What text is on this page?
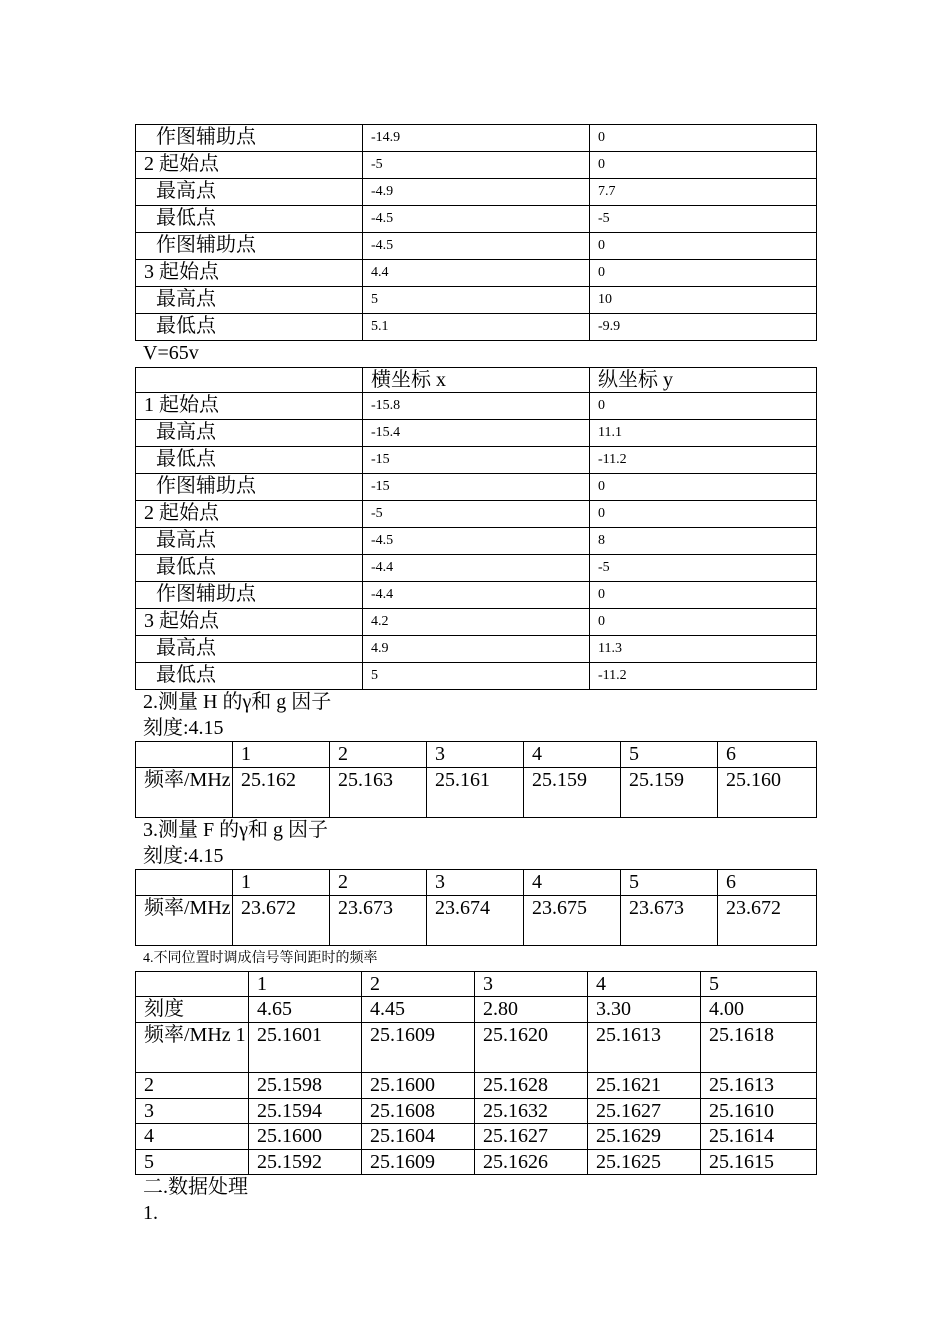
作图辅助点	-14.9	0
2 起始点	-5	0
最高点	-4.9	7.7
最低点	-4.5	-5
作图辅助点	-4.5	0
3 起始点	4.4	0
最高点	5	10
最低点	5.1	-9.9
V=65v
	横坐标 x	纵坐标 y
1 起始点	-15.8	0
最高点	-15.4	11.1
最低点	-15	-11.2
作图辅助点	-15	0
2 起始点	-5	0
最高点	-4.5	8
最低点	-4.4	-5
作图辅助点	-4.4	0
3 起始点	4.2	0
最高点	4.9	11.3
最低点	5	-11.2
2.测量 H 的γ和 g 因子
刻度:4.15
	1	2	3	4	5	6
频率/MHz	25.162	25.163	25.161	25.159	25.159	25.160
3.测量 F 的γ和 g 因子
刻度:4.15
	1	2	3	4	5	6
频率/MHz	23.672	23.673	23.674	23.675	23.673	23.672
4.不同位置时调成信号等间距时的频率
	1	2	3	4	5
刻度	4.65	4.45	2.80	3.30	4.00
频率/MHz 1	25.1601	25.1609	25.1620	25.1613	25.1618
2	25.1598	25.1600	25.1628	25.1621	25.1613
3	25.1594	25.1608	25.1632	25.1627	25.1610
4	25.1600	25.1604	25.1627	25.1629	25.1614
5	25.1592	25.1609	25.1626	25.1625	25.1615
二.数据处理
1.
